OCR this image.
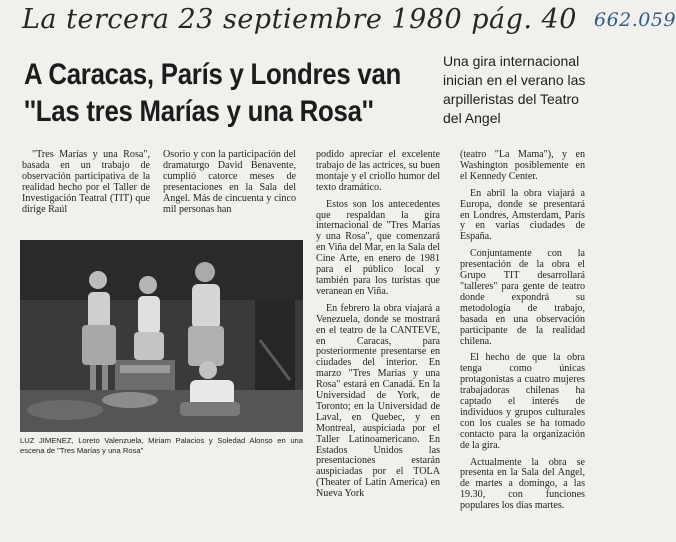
La tercera 23 septiembre 1980 pág. 40 662.059
A Caracas, París y Londres van
''Las tres Marías y una Rosa''
Una gira internacional inician en el verano las arpilleristas del Teatro del Angel

"Tres Marías y una Rosa", basada en un trabajo de observación participativa de la realidad hecho por el Taller de Investigación Teatral (TIT) que dirige Raúl

Osorio y con la participación del dramaturgo David Benavente, cumplió catorce meses de presentaciones en la Sala del Angel. Más de cincuenta y cinco mil personas han

LUZ JIMENEZ, Loreto Valenzuela, Miriam Palacios y Soledad Alonso en una escena de "Tres Marías y una Rosa"

podido apreciar el excelente trabajo de las actrices, su buen montaje y el criollo humor del texto dramático.

Estos son los antecedentes que respaldan la gira internacional de "Tres Marías y una Rosa", que comenzará en Viña del Mar, en la Sala del Cine Arte, en enero de 1981 para el público local y también para los turistas que veranean en Viña.

En febrero la obra viajará a Venezuela, donde se mostrará en el teatro de la CANTEVE, en Caracas, para posteriormente presentarse en ciudades del interior. En marzo "Tres Marías y una Rosa" estará en Canadá. En la Universidad de York, de Toronto; en la Universidad de Laval, en Quebec, y en Montreal, auspiciada por el Taller Latinoamericano. En Estados Unidos las presentaciones estarán auspiciadas por el TOLA (Theater of Latin America) en Nueva York

(teatro "La Mama"), y en Washington posiblemente en el Kennedy Center.

En abril la obra viajará a Europa, donde se presentará en Londres, Amsterdam, París y en varias ciudades de España.

Conjuntamente con la presentación de la obra el Grupo TIT desarrollará "talleres" para gente de teatro donde expondrá su metodología de trabajo, basada en una observación participante de la realidad chilena.

El hecho de que la obra tenga como únicas protagonistas a cuatro mujeres trabajadoras chilenas ha captado el interés de individuos y grupos culturales con los cuales se ha tomado contacto para la organización de la gira.

Actualmente la obra se presenta en la Sala del Angel, de martes a domingo, a las 19.30, con funciones populares los días martes.
